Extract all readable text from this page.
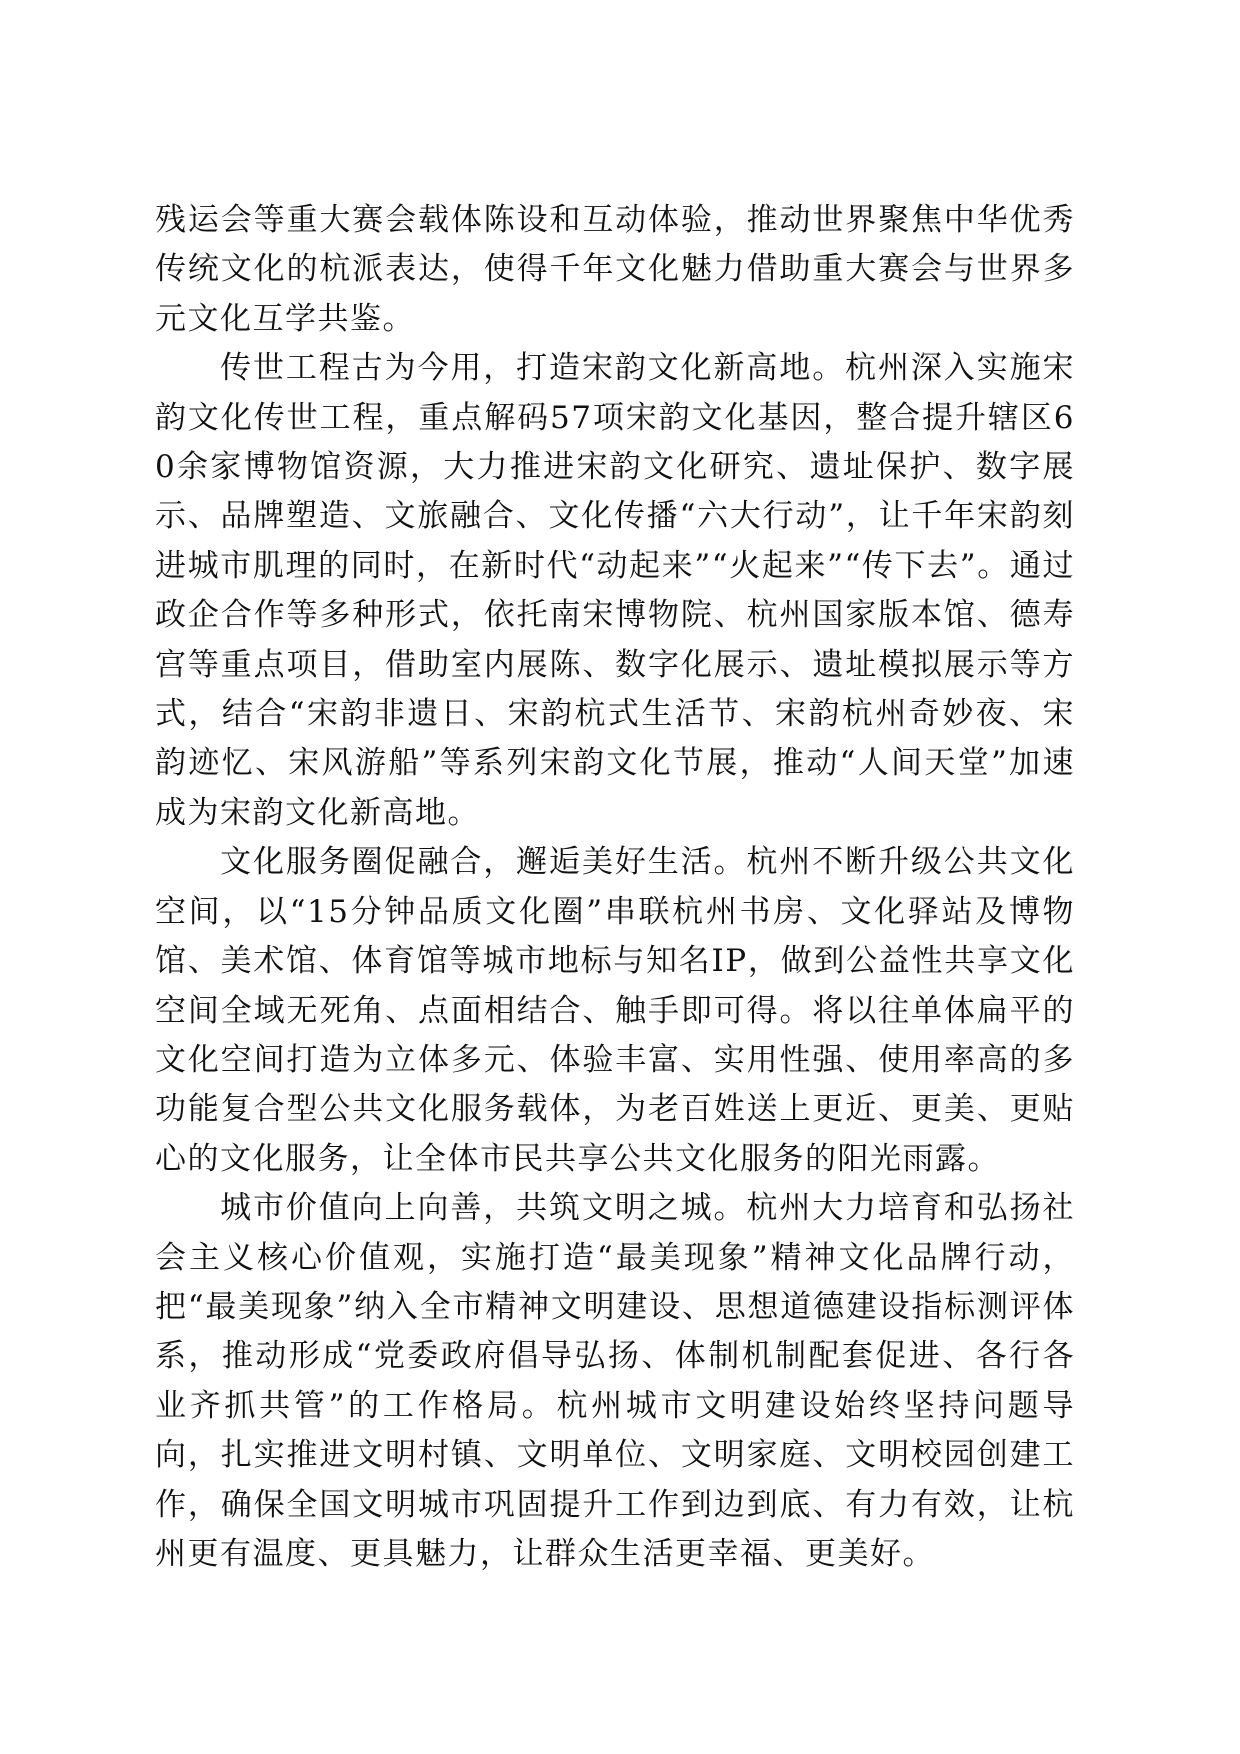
残运会等重大赛会载体陈设和互动体验，推动世界聚焦中华优秀传统文化的杭派表达，使得千年文化魅力借助重大赛会与世界多元文化互学共鉴。

传世工程古为今用，打造宋韵文化新高地。杭州深入实施宋韵文化传世工程，重点解码57项宋韵文化基因，整合提升辖区60余家博物馆资源，大力推进宋韵文化研究、遗址保护、数字展示、品牌塑造、文旅融合、文化传播“六大行动”，让千年宋韵刻进城市肌理的同时，在新时代“动起来”“火起来”“传下去”。通过政企合作等多种形式，依托南宋博物院、杭州国家版本馆、德寿宫等重点项目，借助室内展陈、数字化展示、遗址模拟展示等方式，结合“宋韵非遗日、宋韵杭式生活节、宋韵杭州奇妙夜、宋韵迹忆、宋风游船”等系列宋韵文化节展，推动“人间天堂”加速成为宋韵文化新高地。

文化服务圈促融合，邂逅美好生活。杭州不断升级公共文化空间，以“15分钟品质文化圈”串联杭州书房、文化驿站及博物馆、美术馆、体育馆等城市地标与知名IP，做到公益性共享文化空间全域无死角、点面相结合、触手即可得。将以往单体扁平的文化空间打造为立体多元、体验丰富、实用性强、使用率高的多功能复合型公共文化服务载体，为老百姓送上更近、更美、更贴心的文化服务，让全体市民共享公共文化服务的阳光雨露。

城市价值向上向善，共筑文明之城。杭州大力培育和弘扬社会主义核心价值观，实施打造“最美现象”精神文化品牌行动，把“最美现象”纳入全市精神文明建设、思想道德建设指标测评体系，推动形成“党委政府倡导弘扬、体制机制配套促进、各行各业齐抓共管”的工作格局。杭州城市文明建设始终坚持问题导向，扎实推进文明村镇、文明单位、文明家庭、文明校园创建工作，确保全国文明城市巩固提升工作到边到底、有力有效，让杭州更有温度、更具魅力，让群众生活更幸福、更美好。
